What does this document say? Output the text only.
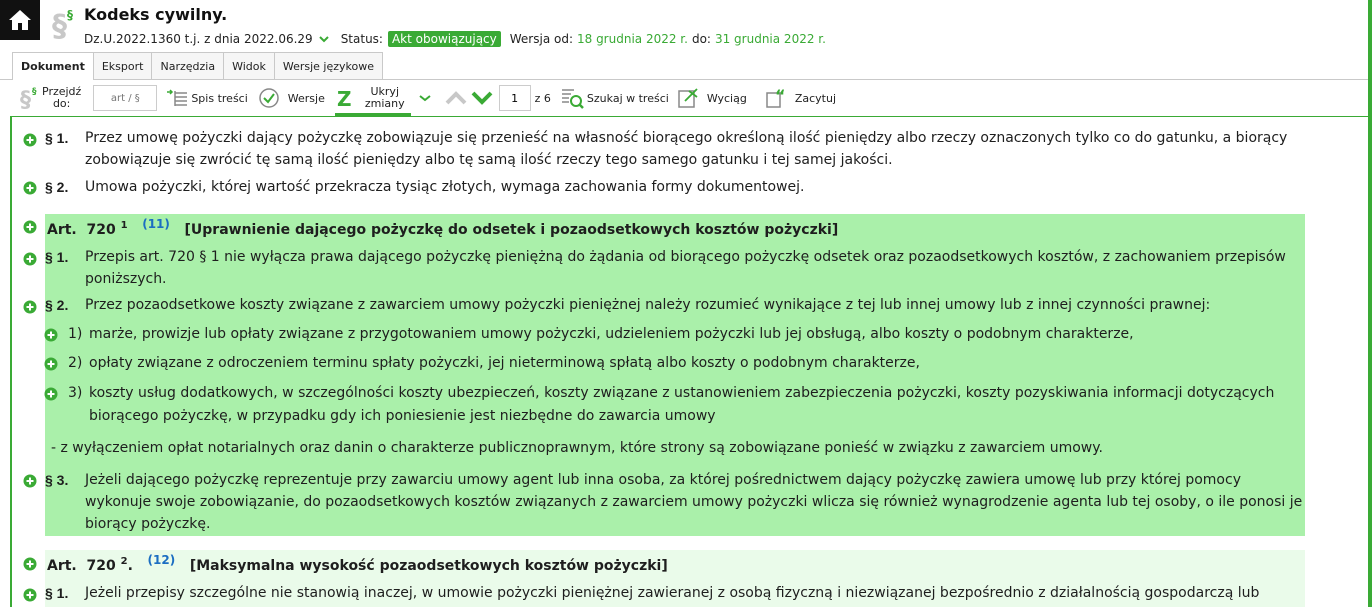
§ § Kodeks cywilny.
Dz.U.2022.1360 t.j. z dnia 2022.06.29 Status: Akt obowiązujący	Wersja od: 18 grudnia 2022 r. do: 31 grudnia 2022 r.
Dokument	Eksport	Narzędzia	Widok	Wersje językowe
§ § Przejdź
do:
art / §	Spis treści	Wersje Z	Ukryj
zmiany
1	z 6	Szukaj w treści	Wyciąg “ Zacytuj
§ 1. Przez umowę pożyczki dający pożyczkę zobowiązuje się przenieść na własność biorącego określoną ilość pieniędzy albo rzeczy oznaczonych tylko co do gatunku, a biorący
zobowiązuje się zwrócić tę samą ilość pieniędzy albo tę samą ilość rzeczy tego samego gatunku i tej samej jakości.
§ 2. Umowa pożyczki, której wartość przekracza tysiąc złotych, wymaga zachowania formy dokumentowej.
Art. 720 $^1$ (11) [Uprawnienie dającego pożyczkę do odsetek i pozaodsetkowych kosztów pożyczki]
§ 1. Przepis art. 720 § 1 nie wyłącza prawa dającego pożyczkę pieniężną do żądania od biorącego pożyczkę odsetek oraz pozaodsetkowych kosztów, z zachowaniem przepisów
poniższych.
§ 2. Przez pozaodsetkowe koszty związane z zawarciem umowy pożyczki pieniężnej należy rozumieć wynikające z tej lub innej umowy lub z innej czynności prawnej:
1) marże, prowizje lub opłaty związane z przygotowaniem umowy pożyczki, udzieleniem pożyczki lub jej obsługą, albo koszty o podobnym charakterze,
2) opłaty związane z odroczeniem terminu spłaty pożyczki, jej nieterminową spłatą albo koszty o podobnym charakterze,
3) koszty usług dodatkowych, w szczególności koszty ubezpieczeń, koszty związane z ustanowieniem zabezpieczenia pożyczki, koszty pozyskiwania informacji dotyczących
biorącego pożyczkę, w przypadku gdy ich poniesienie jest niezbędne do zawarcia umowy
- z wyłączeniem opłat notarialnych oraz danin o charakterze publicznoprawnym, które strony są zobowiązane ponieść w związku z zawarciem umowy.
§ 3. Jeżeli dającego pożyczkę reprezentuje przy zawarciu umowy agent lub inna osoba, za której pośrednictwem dający pożyczkę zawiera umowę lub przy której pomocy
wykonuje swoje zobowiązanie, do pozaodsetkowych kosztów związanych z zawarciem umowy pożyczki wlicza się również wynagrodzenie agenta lub tej osoby, o ile ponosi je
biorący pożyczkę.
Art. 720 $^2$. (12) [Maksymalna wysokość pozaodsetkowych kosztów pożyczki]
§ 1. Jeżeli przepisy szczególne nie stanowią inaczej, w umowie pożyczki pieniężnej zawieranej z osobą fizyczną i niezwiązanej bezpośrednio z działalnością gospodarczą lub
